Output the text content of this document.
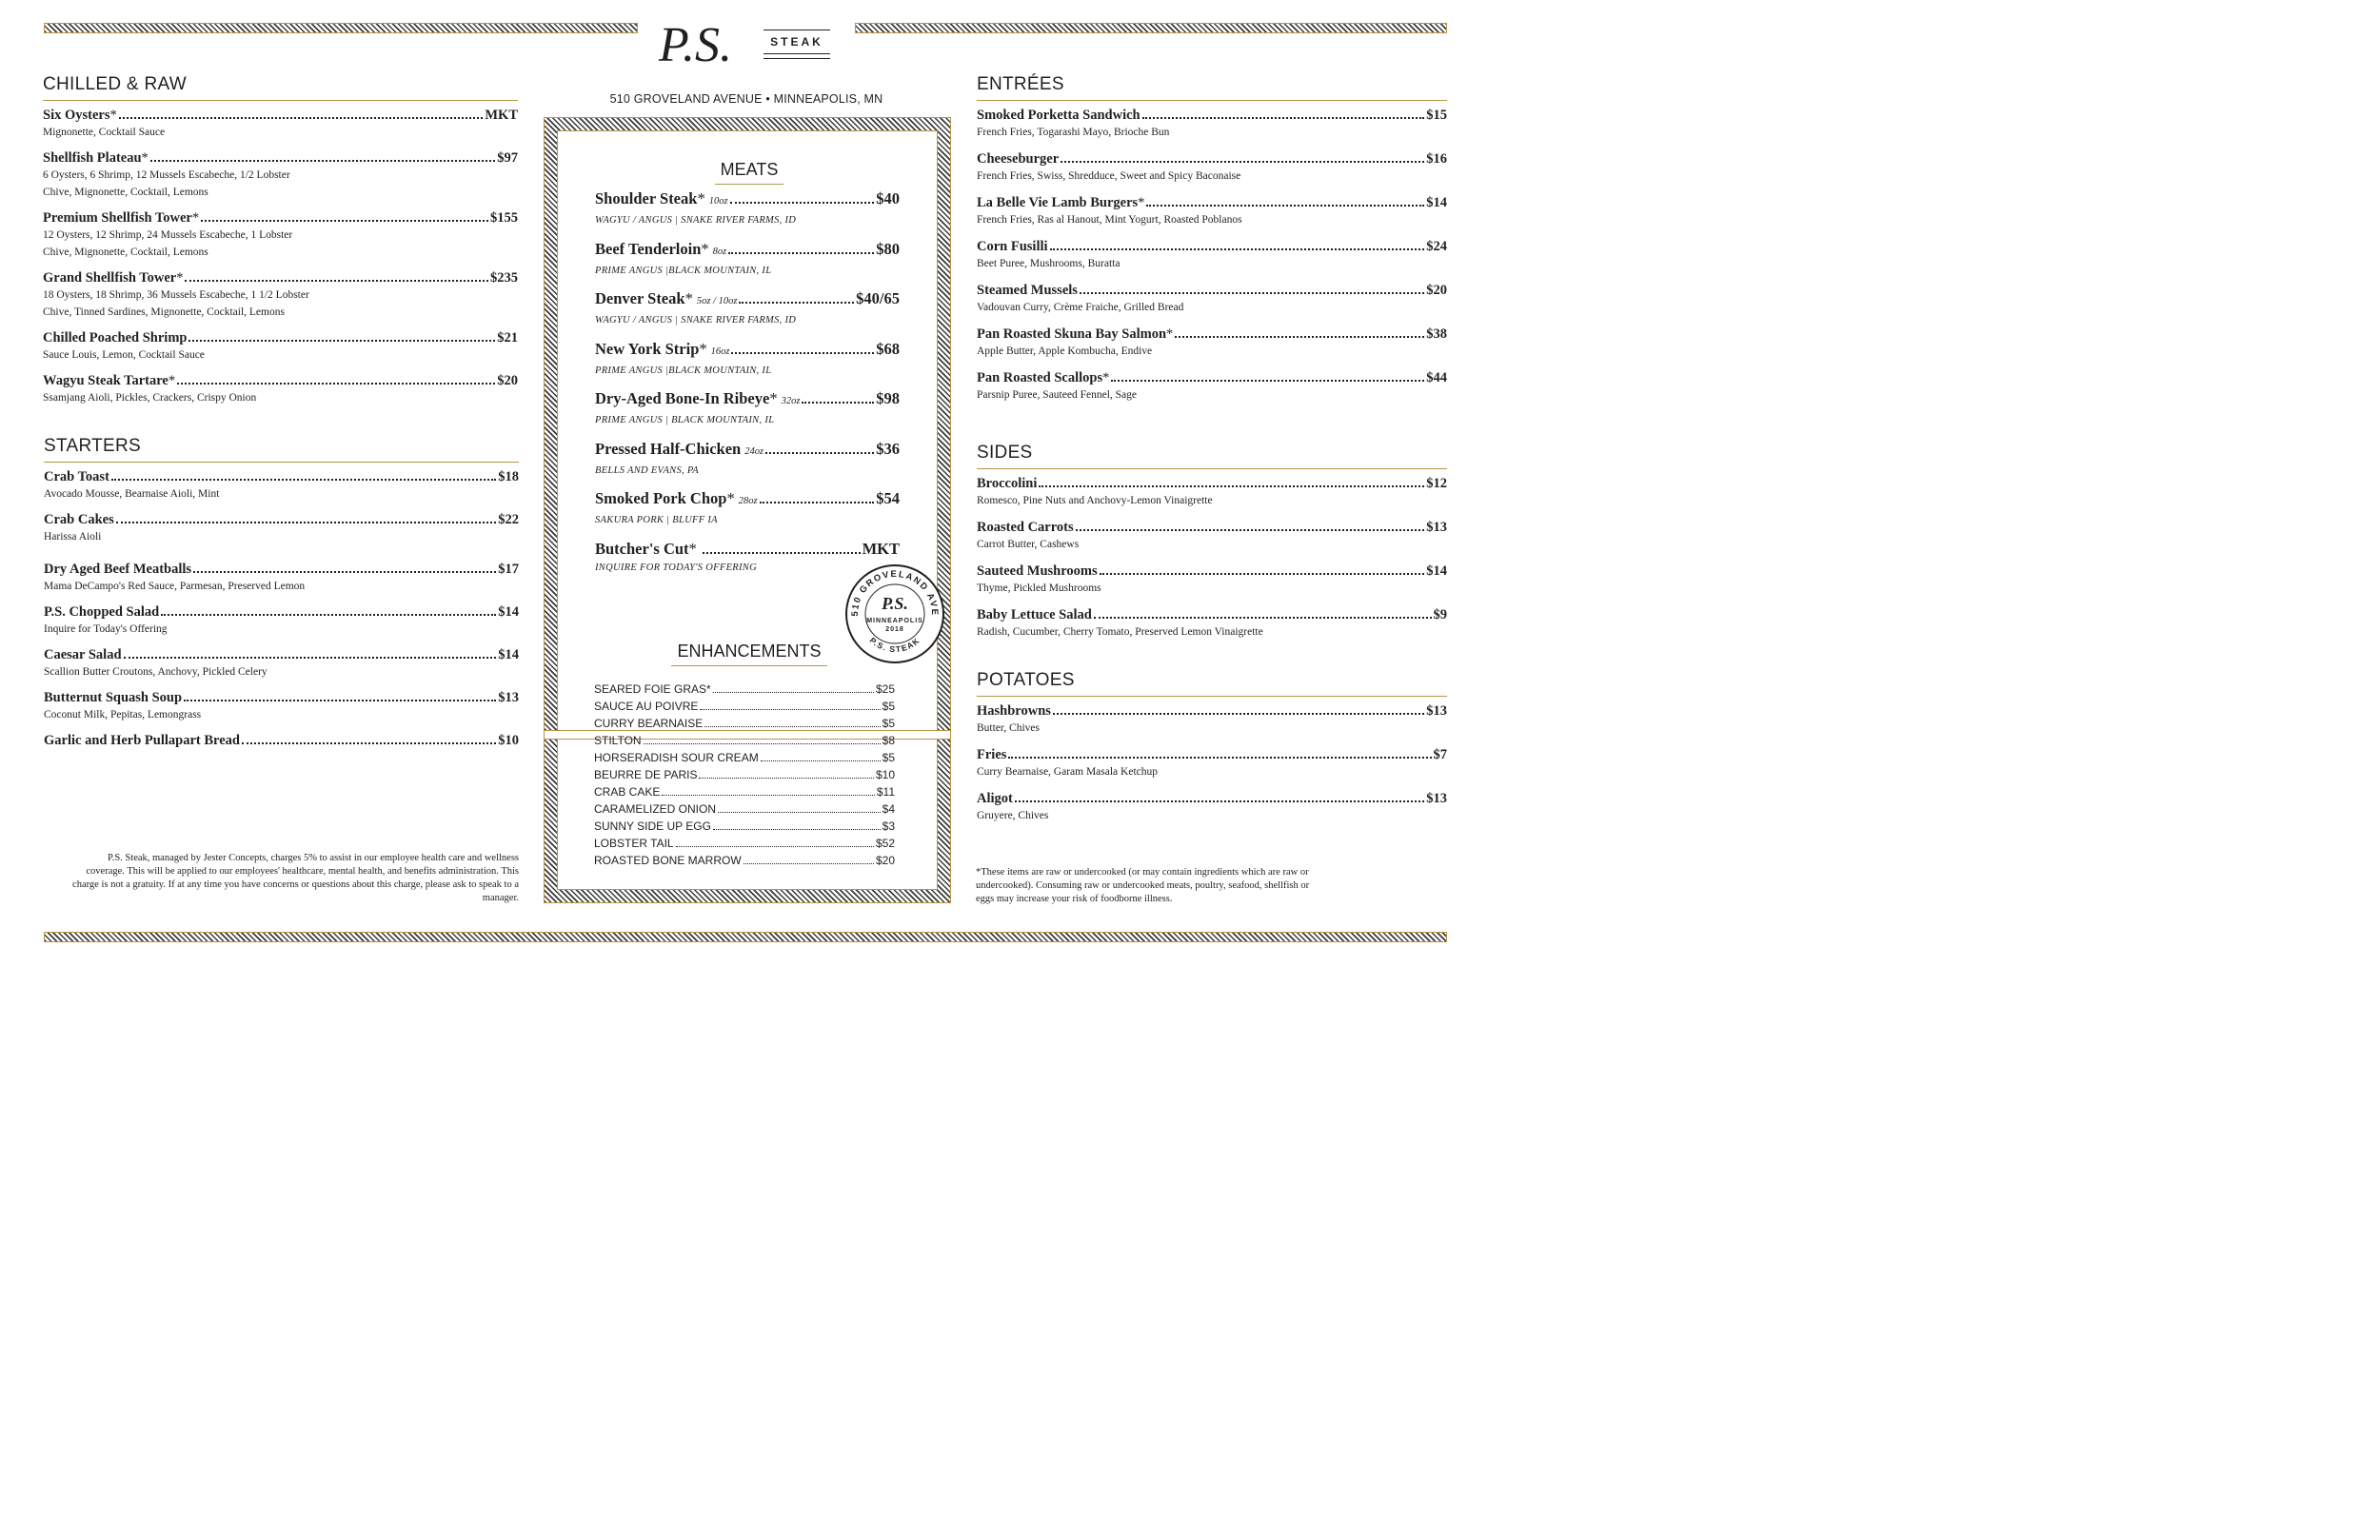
P.S.	STEAK
510 GROVELAND AVENUE • MINNEAPOLIS, MN
CHILLED & RAW
Six Oysters *	MKT
Mignonette, Cocktail Sauce
Shellfish Plateau *	$97
6 Oysters, 6 Shrimp, 12 Mussels Escabeche, 1/2 Lobster
Chive, Mignonette, Cocktail, Lemons
Premium Shellfish Tower *	$155
12 Oysters, 12 Shrimp, 24 Mussels Escabeche, 1 Lobster
Chive, Mignonette, Cocktail, Lemons
Grand Shellfish Tower *	$235
18 Oysters, 18 Shrimp, 36 Mussels Escabeche, 1 1/2 Lobster
Chive, Tinned Sardines, Mignonette, Cocktail, Lemons
Chilled Poached Shrimp	$21
Sauce Louis, Lemon, Cocktail Sauce
Wagyu Steak Tartare *	$20
Ssamjang Aioli, Pickles, Crackers, Crispy Onion
STARTERS
Crab Toast	$18
Avocado Mousse, Bearnaise Aioli, Mint
Crab Cakes	$22
Harissa Aioli
Dry Aged Beef Meatballs	$17
Mama DeCampo's Red Sauce, Parmesan, Preserved Lemon
P.S. Chopped Salad	$14
Inquire for Today's Offering
Caesar Salad	$14
Scallion Butter Croutons, Anchovy, Pickled Celery
Butternut Squash Soup	$13
Coconut Milk, Pepitas, Lemongrass
Garlic and Herb Pullapart Bread	$10
P.S. Steak, managed by Jester Concepts, charges 5% to assist in our employee health care and wellness coverage. This will be applied to our employees' healthcare, mental health, and benefits administration. This charge is not a gratuity. If at any time you have concerns or questions about this charge, please ask to speak to a manager.
MEATS
Shoulder Steak * 10oz	$40
WAGYU / ANGUS | SNAKE RIVER FARMS, ID
Beef Tenderloin * 8oz	$80
PRIME ANGUS |BLACK MOUNTAIN, IL
Denver Steak * 5oz / 10oz	$40/65
WAGYU / ANGUS | SNAKE RIVER FARMS, ID
New York Strip * 16oz	$68
PRIME ANGUS |BLACK MOUNTAIN, IL
Dry-Aged Bone-In Ribeye * 32oz	$98
PRIME ANGUS | BLACK MOUNTAIN, IL
Pressed Half-Chicken 24oz	$36
BELLS AND EVANS, PA
Smoked Pork Chop * 28oz	$54
SAKURA PORK | BLUFF IA
Butcher's Cut *	MKT
INQUIRE FOR TODAY'S OFFERING
ENHANCEMENTS
SEARED FOIE GRAS*	$25
SAUCE AU POIVRE	$5
CURRY BEARNAISE	$5
STILTON	$8
HORSERADISH SOUR CREAM	$5
BEURRE DE PARIS	$10
CRAB CAKE	$11
CARAMELIZED ONION	$4
SUNNY SIDE UP EGG	$3
LOBSTER TAIL	$52
ROASTED BONE MARROW	$20
510 GROVELAND AVE
P.S. STEAK
P.S.
MINNEAPOLIS
2018
ENTRÉES
Smoked Porketta Sandwich	$15
French Fries, Togarashi Mayo, Brioche Bun
Cheeseburger	$16
French Fries, Swiss, Shredduce, Sweet and Spicy Baconaise
La Belle Vie Lamb Burgers *	$14
French Fries, Ras al Hanout, Mint Yogurt, Roasted Poblanos
Corn Fusilli	$24
Beet Puree, Mushrooms, Buratta
Steamed Mussels	$20
Vadouvan Curry, Crème Fraiche, Grilled Bread
Pan Roasted Skuna Bay Salmon *	$38
Apple Butter, Apple Kombucha, Endive
Pan Roasted Scallops *	$44
Parsnip Puree, Sauteed Fennel, Sage
SIDES
Broccolini	$12
Romesco, Pine Nuts and Anchovy-Lemon Vinaigrette
Roasted Carrots	$13
Carrot Butter, Cashews
Sauteed Mushrooms	$14
Thyme, Pickled Mushrooms
Baby Lettuce Salad	$9
Radish, Cucumber, Cherry Tomato, Preserved Lemon Vinaigrette
POTATOES
Hashbrowns	$13
Butter, Chives
Fries	$7
Curry Bearnaise, Garam Masala Ketchup
Aligot	$13
Gruyere, Chives
*These items are raw or undercooked (or may contain ingredients which are raw or undercooked). Consuming raw or undercooked meats, poultry, seafood, shellfish or eggs may increase your risk of foodborne illness.
